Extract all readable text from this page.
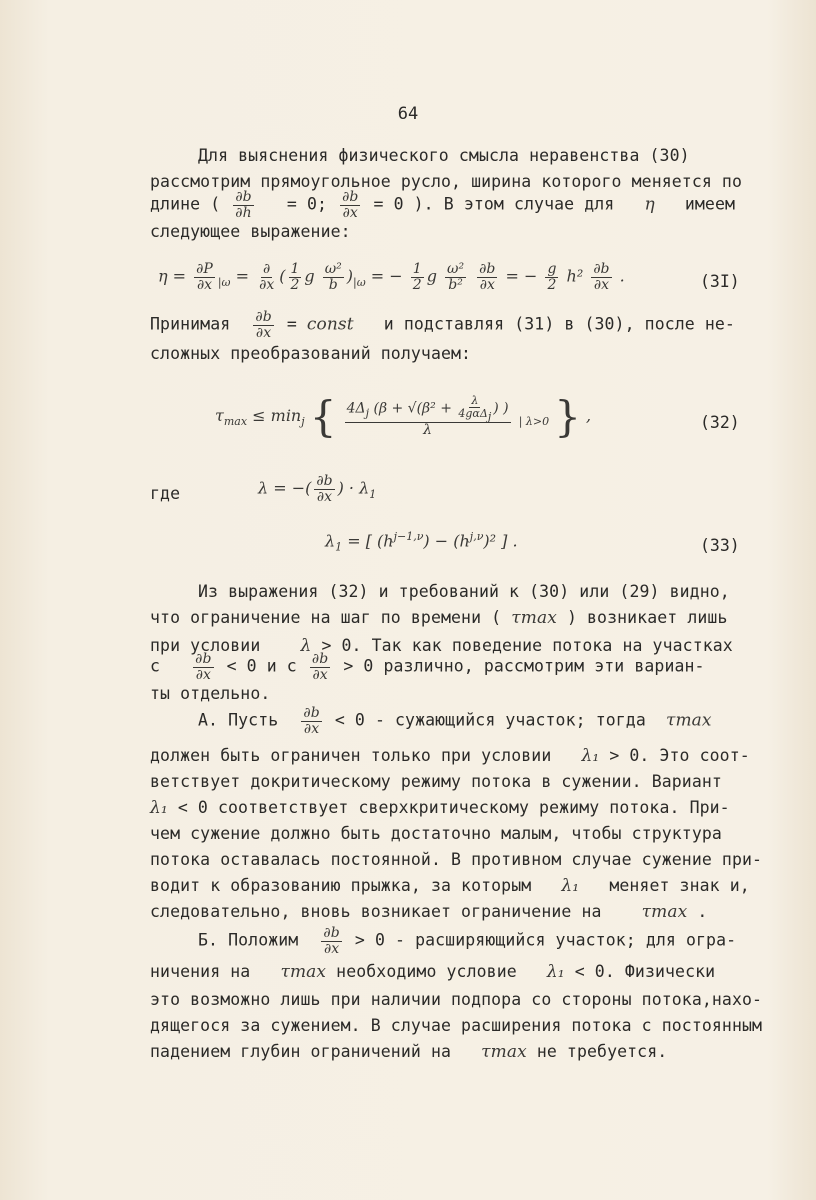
64
Для выяснения физического смысла неравенства (30)
рассмотрим прямоугольное русло, ширина которого меняется по
длине ( $\frac{\partial b}{\partial h} = 0$; $\frac{\partial b}{\partial x} = 0$ ). В этом случае для η имеем
следующее выражение:
$\eta = \frac{\partial P}{\partial x} _{|\omega} = \frac{\partial}{\partial x}$ ( $\frac{1}{2}$ g $\frac{\text{ω²}}{b} )_{|\omega}$ = − $\frac{1}{2}$ g $\frac{\text{ω²}}{\text{b²}}$
$\frac{\partial b}{\partial x}$ = − $\frac{g}{2} h^2 \frac{\partial b}{\partial x}$ .	(3I)
Принимая $\frac{\partial b}{\partial x}$ = const и подставляя (31) в (30), после не-
сложных преобразований получаем:
$\tau_{max} \le \min_j$ { $\frac{4\Delta_j (\beta + √(\beta^2 + \frac{\lambda}{\text{4gαΔj}} ) )}{\lambda} _{| \lambda>0}$ } ,	(32)
где	λ = −( $\frac{\partial b}{\partial x}$ ) · $\lambda_1$
$\lambda_1$ = [ $(h^{j-1,\nu}) - (h^{j,\nu})^2$ ] .	(33)
Из выражения (32) и требований к (30) или (29) видно,
что ограничение на шаг по времени ( τmax ) возникает лишь
при условии λ > 0. Так как поведение потока на участках
с $\frac{\partial b}{\partial x} < 0$ и с $\frac{\partial b}{\partial x} > 0$ различно, рассмотрим эти вариан-
ты отдельно.
А. Пусть $\frac{\partial b}{\partial x} < 0$ - сужающийся участок; тогда τmax
должен быть ограничен только при условии λ₁ > 0. Это соот-
ветствует докритическому режиму потока в сужении. Вариант
λ₁ < 0 соответствует сверхкритическому режиму потока. При-
чем сужение должно быть достаточно малым, чтобы структура
потока оставалась постоянной. В противном случае сужение при-
водит к образованию прыжка, за которым λ₁ меняет знак и,
следовательно, вновь возникает ограничение на τmax .
Б. Положим $\frac{\partial b}{\partial x} > 0$ - расширяющийся участок; для огра-
ничения на τmax необходимо условие λ₁ < 0. Физически
это возможно лишь при наличии подпора со стороны потока,нахо-
дящегося за сужением. В случае расширения потока с постоянным
падением глубин ограничений на τmax не требуется.
